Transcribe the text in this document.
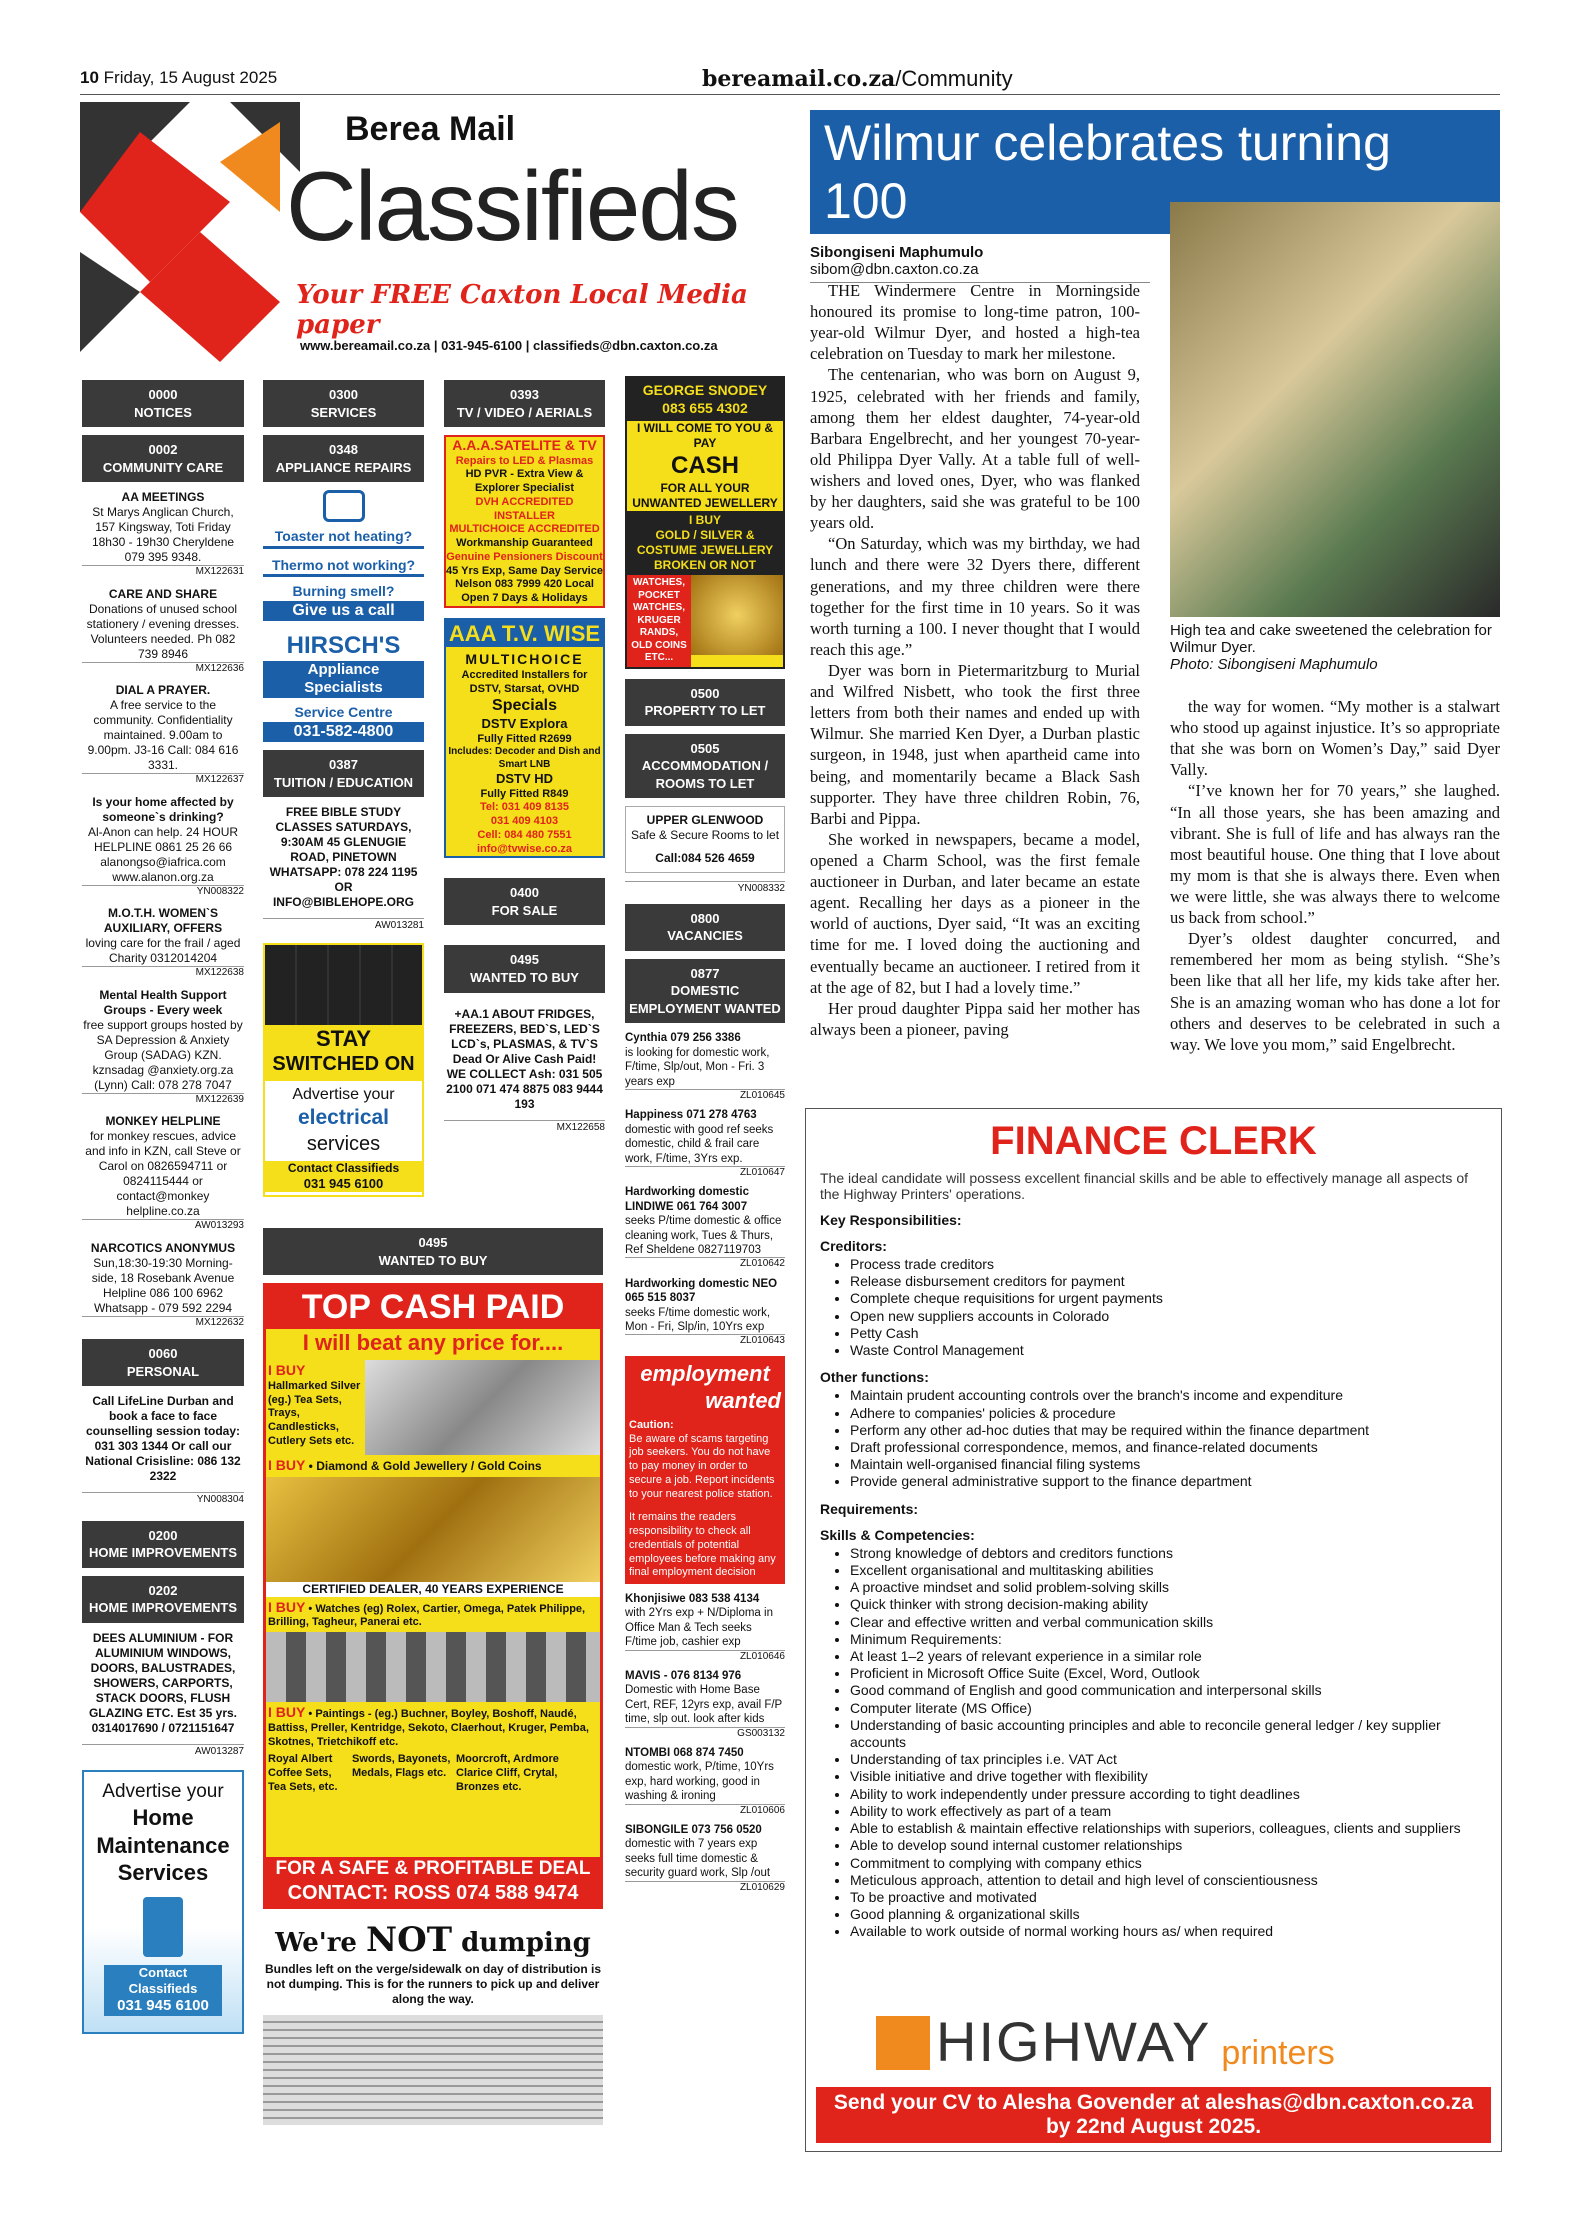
10 Friday, 15 August 2025	bereamail.co.za/Community
Berea Mail
Classifieds
Your FREE Caxton Local Media paper
www.bereamail.co.za | 031-945-6100 | classifieds@dbn.caxton.co.za
0000
NOTICES
0002
COMMUNITY CARE
AA MEETINGS
St Marys Anglican Church, 157 Kingsway, Toti Friday 18h30 - 19h30 Cheryldene 079 395 9348.
MX122631
CARE AND SHARE
Donations of unused school stationery / evening dresses. Volunteers needed. Ph 082 739 8946
MX122636
DIAL A PRAYER.
A free service to the community. Confidentiality maintained. 9.00am to 9.00pm. J3-16 Call: 084 616 3331.
MX122637
Is your home affected by someone`s drinking?
Al-Anon can help. 24 HOUR HELPLINE 0861 25 26 66 alanongso@iafrica.com www.alanon.org.za
YN008322
M.O.T.H. WOMEN`S AUXILIARY, OFFERS
loving care for the frail / aged Charity 0312014204
MX122638
Mental Health Support Groups - Every week
free support groups hosted by SA Depression & Anxiety Group (SADAG) KZN. kznsadag @anxiety.org.za (Lynn) Call: 078 278 7047
MX122639
MONKEY HELPLINE
for monkey rescues, advice and info in KZN, call Steve or Carol on 0826594711 or 0824115444 or contact@monkey helpline.co.za
AW013293
NARCOTICS ANONYMUS
Sun,18:30-19:30 Morning-side, 18 Rosebank Avenue Helpline 086 100 6962 Whatsapp - 079 592 2294
MX122632
0060
PERSONAL
Call LifeLine Durban and book a face to face counselling session today: 031 303 1344 Or call our National Crisisline: 086 132 2322
YN008304
0200
HOME IMPROVEMENTS
0202
HOME IMPROVEMENTS
DEES ALUMINIUM - FOR ALUMINIUM WINDOWS, DOORS, BALUSTRADES, SHOWERS, CARPORTS, STACK DOORS, FLUSH GLAZING ETC. Est 35 yrs. 0314017690 / 0721151647
AW013287
Advertise your
Home
Maintenance
Services
Contact Classifieds
031 945 6100
0300
SERVICES
0348
APPLIANCE REPAIRS
Toaster not heating?
Thermo not working?
Burning smell?
Give us a call
HIRSCH'S
Appliance
Specialists
Service Centre
031-582-4800
0387
TUITION / EDUCATION
FREE BIBLE STUDY CLASSES SATURDAYS, 9:30AM 45 GLENUGIE ROAD, PINETOWN WHATSAPP: 078 224 1195 OR INFO@BIBLEHOPE.ORG
AW013281
STAY
SWITCHED ON
Advertise your
electrical
services
Contact Classifieds
031 945 6100
0495
WANTED TO BUY
TOP CASH PAID
I will beat any price for....
I BUY
Hallmarked Silver (eg.) Tea Sets, Trays, Candlesticks, Cutlery Sets etc.
I BUY • Diamond & Gold Jewellery / Gold Coins
CERTIFIED DEALER, 40 YEARS EXPERIENCE
I BUY • Watches (eg) Rolex, Cartier, Omega, Patek Philippe, Brilling, Tagheur, Panerai etc.
I BUY • Paintings - (eg.) Buchner, Boyley, Boshoff, Naudé, Battiss, Preller, Kentridge, Sekoto, Claerhout, Kruger, Pemba, Skotnes, Trietchikoff etc.
Royal Albert Coffee Sets, Tea Sets, etc.
Swords, Bayonets, Medals, Flags etc.
Moorcroft, Ardmore Clarice Cliff, Crytal, Bronzes etc.
FOR A SAFE & PROFITABLE DEAL
CONTACT: ROSS 074 588 9474
We're NOT dumping
Bundles left on the verge/sidewalk on day of distribution is not dumping. This is for the runners to pick up and deliver along the way.
0393
TV / VIDEO / AERIALS
A.A.A.SATELITE & TV
Repairs to LED & Plasmas
HD PVR - Extra View & Explorer Specialist
DVH ACCREDITED INSTALLER
MULTICHOICE ACCREDITED
Workmanship Guaranteed
Genuine Pensioners Discount
45 Yrs Exp, Same Day Service
Nelson 083 7999 420 Local
Open 7 Days & Holidays
AAA T.V. WISE
MULTICHOICE
Accredited Installers for DSTV, Starsat, OVHD
Specials
DSTV Explora
Fully Fitted R2699
Includes: Decoder and Dish and Smart LNB
DSTV HD
Fully Fitted R849
Tel: 031 409 8135
031 409 4103
Cell: 084 480 7551
info@tvwise.co.za
0400
FOR SALE
0495
WANTED TO BUY
+AA.1 ABOUT FRIDGES, FREEZERS, BED`S, LED`S LCD`s, PLASMAS, & TV`S Dead Or Alive Cash Paid! WE COLLECT Ash: 031 505 2100 071 474 8875 083 9444 193
MX122658
GEORGE SNODEY
083 655 4302
I WILL COME TO YOU & PAY
CASH
FOR ALL YOUR UNWANTED JEWELLERY
I BUY
GOLD / SILVER & COSTUME JEWELLERY BROKEN OR NOT
WATCHES, POCKET WATCHES, KRUGER RANDS, OLD COINS ETC...
0500
PROPERTY TO LET
0505
ACCOMMODATION / ROOMS TO LET
UPPER GLENWOOD
Safe & Secure Rooms to let
Call:084 526 4659
YN008332
0800
VACANCIES
0877
DOMESTIC EMPLOYMENT WANTED
Cynthia 079 256 3386
is looking for domestic work, F/time, Slp/out, Mon - Fri. 3 years exp
ZL010645
Happiness 071 278 4763
domestic with good ref seeks domestic, child & frail care work, F/time, 3Yrs exp.
ZL010647
Hardworking domestic LINDIWE 061 764 3007
seeks P/time domestic & office cleaning work, Tues & Thurs, Ref Sheldene 0827119703
ZL010642
Hardworking domestic NEO 065 515 8037
seeks F/time domestic work, Mon - Fri, Slp/in, 10Yrs exp
ZL010643
employment
wanted
Caution:
Be aware of scams targeting job seekers. You do not have to pay money in order to secure a job. Report incidents to your nearest police station.
It remains the readers responsibility to check all credentials of potential employees before making any final employment decision
Khonjisiwe 083 538 4134
with 2Yrs exp + N/Diploma in Office Man & Tech seeks F/time job, cashier exp
ZL010646
MAVIS - 076 8134 976
Domestic with Home Base Cert, REF, 12yrs exp, avail F/P time, slp out. look after kids
GS003132
NTOMBI 068 874 7450
domestic work, P/time, 10Yrs exp, hard working, good in washing & ironing
ZL010606
SIBONGILE 073 756 0520
domestic with 7 years exp seeks full time domestic & security guard work, Slp /out
ZL010629
Wilmur celebrates turning 100
Sibongiseni Maphumulo
sibom@dbn.caxton.co.za

THE Windermere Centre in Morningside honoured its promise to long-time patron, 100-year-old Wilmur Dyer, and hosted a high-tea celebration on Tuesday to mark her milestone.

The centenarian, who was born on August 9, 1925, celebrated with her friends and family, among them her eldest daughter, 74-year-old Barbara Engelbrecht, and her youngest 70-year-old Philippa Dyer Vally. At a table full of well-wishers and loved ones, Dyer, who was flanked by her daughters, said she was grateful to be 100 years old.

“On Saturday, which was my birthday, we had lunch and there were 32 Dyers there, different generations, and my three children were there together for the first time in 10 years. So it was worth turning a 100. I never thought that I would reach this age.”

Dyer was born in Pietermaritzburg to Murial and Wilfred Nisbett, who took the first three letters from both their names and ended up with Wilmur. She married Ken Dyer, a Durban plastic surgeon, in 1948, just when apartheid came into being, and momentarily became a Black Sash supporter. They have three children Robin, 76, Barbi and Pippa.

She worked in newspapers, became a model, opened a Charm School, was the first female auctioneer in Durban, and later became an estate agent. Recalling her days as a pioneer in the world of auctions, Dyer said, “It was an exciting time for me. I loved doing the auctioning and eventually became an auctioneer. I retired from it at the age of 82, but I had a lovely time.”

Her proud daughter Pippa said her mother has always been a pioneer, paving

High tea and cake sweetened the celebration for Wilmur Dyer.
Photo: Sibongiseni Maphumulo

the way for women. “My mother is a stalwart who stood up against injustice. It’s so appropriate that she was born on Women’s Day,” said Dyer Vally.

“I’ve known her for 70 years,” she laughed. “In all those years, she has been amazing and vibrant. She is full of life and has always ran the most beautiful house. One thing that I love about my mom is that she is always there. Even when we were little, she was always there to welcome us back from school.”

Dyer’s oldest daughter concurred, and remembered her mom as being stylish. “She’s been like that all her life, my kids take after her. She is an amazing woman who has done a lot for others and deserves to be celebrated in such a way. We love you mom,” said Engelbrecht.

FINANCE CLERK
The ideal candidate will possess excellent financial skills and be able to effectively manage all aspects of the Highway Printers' operations.
Key Responsibilities:
Creditors:
• Process trade creditors
• Release disbursement creditors for payment
• Complete cheque requisitions for urgent payments
• Open new suppliers accounts in Colorado
• Petty Cash
• Waste Control Management
Other functions:
• Maintain prudent accounting controls over the branch's income and expenditure
• Adhere to companies' policies & procedure
• Perform any other ad-hoc duties that may be required within the finance department
• Draft professional correspondence, memos, and finance-related documents
• Maintain well-organised financial filing systems
• Provide general administrative support to the finance department
Requirements:
Skills & Competencies:
• Strong knowledge of debtors and creditors functions
• Excellent organisational and multitasking abilities
• A proactive mindset and solid problem-solving skills
• Quick thinker with strong decision-making ability
• Clear and effective written and verbal communication skills
• Minimum Requirements:
• At least 1–2 years of relevant experience in a similar role
• Proficient in Microsoft Office Suite (Excel, Word, Outlook
• Good command of English and good communication and interpersonal skills
• Computer literate (MS Office)
• Understanding of basic accounting principles and able to reconcile general ledger / key supplier accounts
• Understanding of tax principles i.e. VAT Act
• Visible initiative and drive together with flexibility
• Ability to work independently under pressure according to tight deadlines
• Ability to work effectively as part of a team
• Able to establish & maintain effective relationships with superiors, colleagues, clients and suppliers
• Able to develop sound internal customer relationships
• Commitment to complying with company ethics
• Meticulous approach, attention to detail and high level of conscientiousness
• To be proactive and motivated
• Good planning & organizational skills
• Available to work outside of normal working hours as/ when required
HIGHWAY printers
Send your CV to Alesha Govender at aleshas@dbn.caxton.co.za
by 22nd August 2025.
